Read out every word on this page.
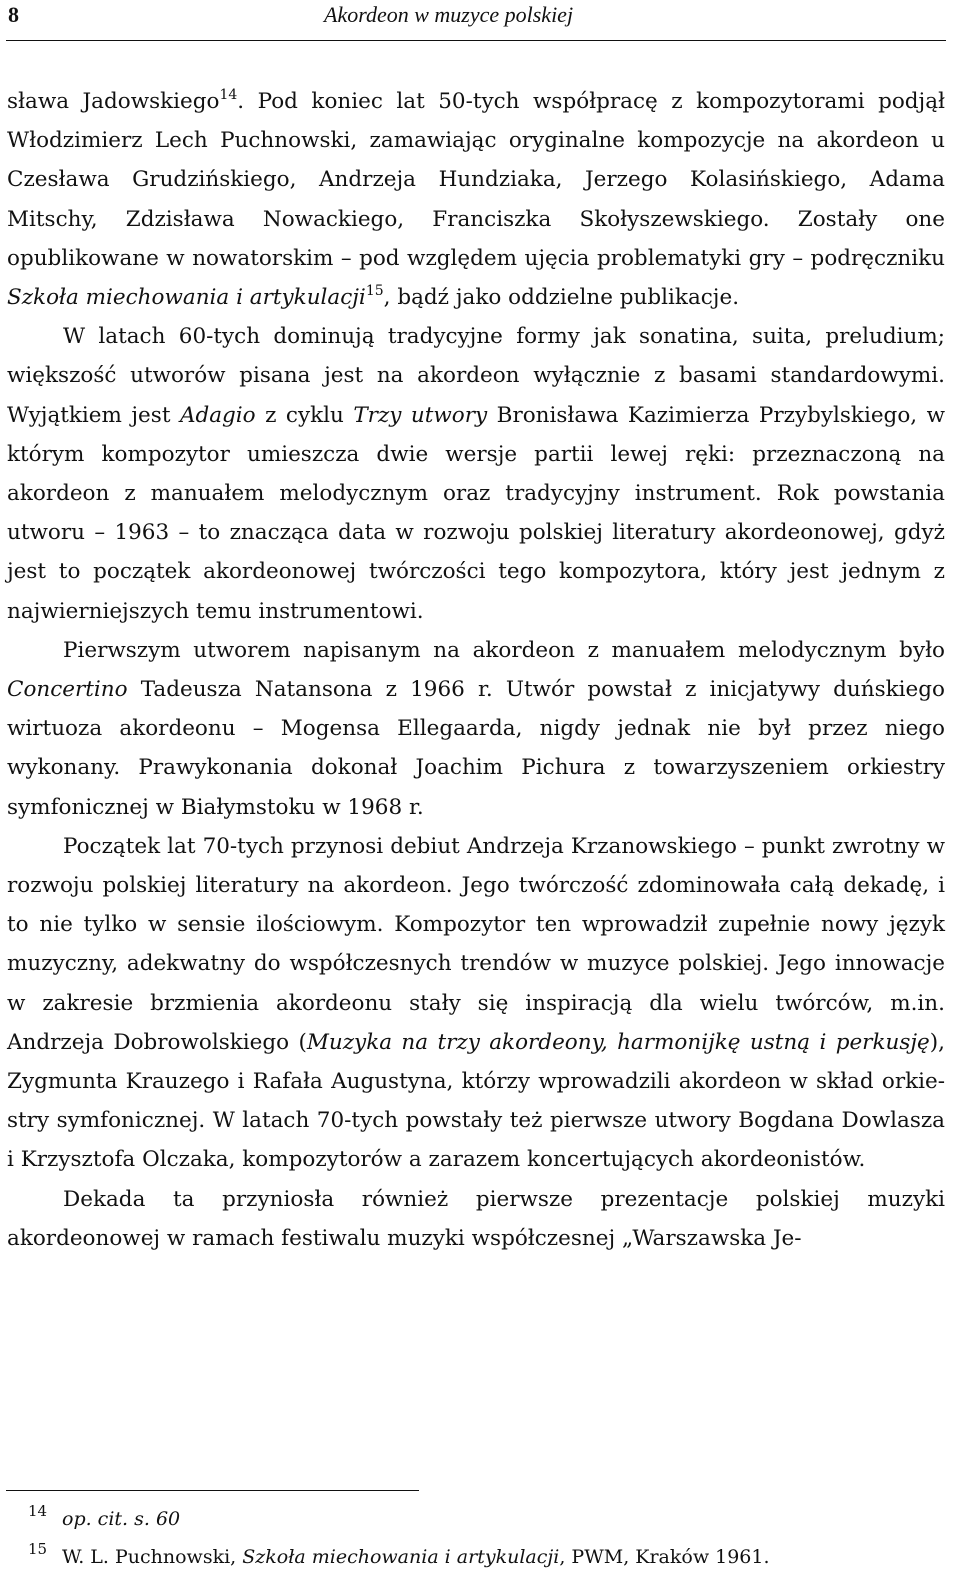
8	Akordeon w muzyce polskiej

sława Jadowskiego$^{14}$. Pod koniec lat 50-tych współpracę z kompozytorami podjął Włodzimierz Lech Puchnowski, zamawiając oryginalne kompozycje na akordeon u Czesława Grudzińskiego, Andrzeja Hundziaka, Jerzego Kolasińskiego, Adama Mitschy, Zdzisława Nowackiego, Franciszka Skołyszewskiego. Zostały one opublikowane w nowatorskim – pod względem ujęcia problematyki gry – podręczniku Szkoła miechowania i artykulacji$^{15}$, bądź jako oddzielne publikacje.

W latach 60-tych dominują tradycyjne formy jak sonatina, suita, preludium; większość utworów pisana jest na akordeon wyłącznie z basami standardowymi. Wyjątkiem jest Adagio z cyklu Trzy utwory Bronisława Kazimierza Przybylskiego, w którym kompozytor umieszcza dwie wersje partii lewej ręki: przeznaczoną na akordeon z manuałem melodycznym oraz tradycyjny instrument. Rok powstania utworu – 1963 – to znacząca data w rozwoju polskiej literatury akordeonowej, gdyż jest to początek akordeonowej twórczości tego kompozytora, który jest jednym z najwierniejszych temu instrumentowi.

Pierwszym utworem napisanym na akordeon z manuałem melodycznym było Concertino Tadeusza Natansona z 1966 r. Utwór powstał z inicjatywy duńskiego wirtuoza akordeonu – Mogensa Ellegaarda, nigdy jednak nie był przez niego wykonany. Prawykonania dokonał Joachim Pichura z towarzyszeniem orkiestry symfonicznej w Białymstoku w 1968 r.

Początek lat 70-tych przynosi debiut Andrzeja Krzanowskiego – punkt zwrotny w rozwoju polskiej literatury na akordeon. Jego twórczość zdominowała całą dekadę, i to nie tylko w sensie ilościowym. Kompozytor ten wprowadził zupełnie nowy język muzyczny, adekwatny do współczesnych trendów w muzyce polskiej. Jego innowacje w zakresie brzmienia akordeonu stały się inspiracją dla wielu twórców, m.in. Andrzeja Dobrowolskiego (Muzyka na trzy akordeony, harmonijkę ustną i perkusję), Zygmunta Krauzego i Rafała Augustyna, którzy wprowadzili akordeon w skład orkiestry symfonicznej. W latach 70-tych powstały też pierwsze utwory Bogdana Dowlasza i Krzysztofa Olczaka, kompozytorów a zarazem koncertujących akordeonistów.

Dekada ta przyniosła również pierwsze prezentacje polskiej muzyki akordeonowej w ramach festiwalu muzyki współczesnej „Warszawska Je-

14 op. cit. s. 60
15 W. L. Puchnowski, Szkoła miechowania i artykulacji, PWM, Kraków 1961.
